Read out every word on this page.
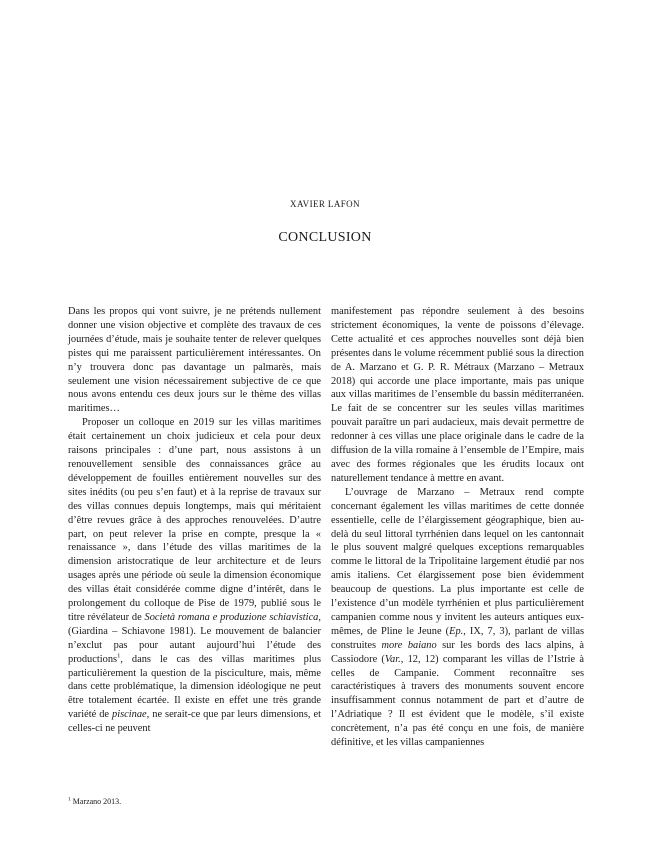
XAVIER LAFON
CONCLUSION

Dans les propos qui vont suivre, je ne prétends nullement donner une vision objective et complète des travaux de ces journées d’étude, mais je souhaite tenter de relever quelques pistes qui me paraissent particulièrement intéressantes. On n’y trouvera donc pas davantage un palmarès, mais seulement une vision nécessairement subjective de ce que nous avons entendu ces deux jours sur le thème des villas maritimes…

Proposer un colloque en 2019 sur les villas maritimes était certainement un choix judicieux et cela pour deux raisons principales : d’une part, nous assistons à un renouvellement sensible des connaissances grâce au développement de fouilles entièrement nouvelles sur des sites inédits (ou peu s’en faut) et à la reprise de travaux sur des villas connues depuis longtemps, mais qui méritaient d’être revues grâce à des approches renouvelées. D’autre part, on peut relever la prise en compte, presque la « renaissance », dans l’étude des villas maritimes de la dimension aristocratique de leur architecture et de leurs usages après une période où seule la dimension économique des villas était considérée comme digne d’intérêt, dans le prolongement du colloque de Pise de 1979, publié sous le titre révélateur de Società romana e produzione schiavistica, (Giardina – Schiavone 1981). Le mouvement de balancier n’exclut pas pour autant aujourd’hui l’étude des productions$^1$, dans le cas des villas maritimes plus particulièrement la question de la pisciculture, mais, même dans cette problématique, la dimension idéologique ne peut être totalement écartée. Il existe en effet une très grande variété de piscinae, ne serait-ce que par leurs dimensions, et celles-ci ne peuvent

manifestement pas répondre seulement à des besoins strictement économiques, la vente de poissons d’élevage. Cette actualité et ces approches nouvelles sont déjà bien présentes dans le volume récemment publié sous la direction de A. Marzano et G. P. R. Métraux (Marzano – Metraux 2018) qui accorde une place importante, mais pas unique aux villas maritimes de l’ensemble du bassin méditerranéen. Le fait de se concentrer sur les seules villas maritimes pouvait paraître un pari audacieux, mais devait permettre de redonner à ces villas une place originale dans le cadre de la diffusion de la villa romaine à l’ensemble de l’Empire, mais avec des formes régionales que les érudits locaux ont naturellement tendance à mettre en avant.

L’ouvrage de Marzano – Metraux rend compte concernant également les villas maritimes de cette donnée essentielle, celle de l’élargissement géographique, bien au-delà du seul littoral tyrrhénien dans lequel on les cantonnait le plus souvent malgré quelques exceptions remarquables comme le littoral de la Tripolitaine largement étudié par nos amis italiens. Cet élargissement pose bien évidemment beaucoup de questions. La plus importante est celle de l’existence d’un modèle tyrrhénien et plus particulièrement campanien comme nous y invitent les auteurs antiques eux-mêmes, de Pline le Jeune (Ep., IX, 7, 3), parlant de villas construites more baiano sur les bords des lacs alpins, à Cassiodore (Var., 12, 12) comparant les villas de l’Istrie à celles de Campanie. Comment reconnaître ses caractéristiques à travers des monuments souvent encore insuffisamment connus notamment de part et d’autre de l’Adriatique ? Il est évident que le modèle, s’il existe concrètement, n’a pas été conçu en une fois, de manière définitive, et les villas campaniennes

$^1$ Marzano 2013.
